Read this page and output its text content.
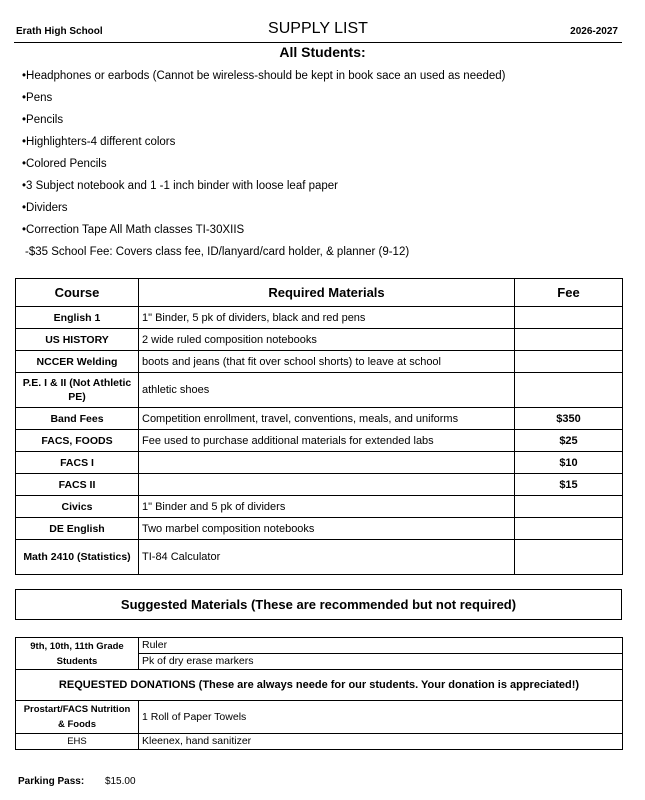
Erath High School	SUPPLY LIST	2026-2027
All Students:
•Headphones or earbods (Cannot be wireless-should be kept in book sace an used as needed)
•Pens
•Pencils
•Highlighters-4 different colors
•Colored Pencils
•3 Subject notebook and 1 -1 inch binder with loose leaf paper
•Dividers
•Correction Tape All Math classes TI-30XIIS
-$35 School Fee: Covers class fee, ID/lanyard/card holder, & planner (9-12)
Course	Required Materials	Fee
English 1	1" Binder, 5 pk of dividers, black and red pens	
US HISTORY	2 wide ruled composition notebooks	
NCCER Welding	boots and jeans (that fit over school shorts) to leave at school	
P.E. I & II (Not Athletic PE)	athletic shoes	
Band Fees	Competition enrollment, travel, conventions, meals, and uniforms	$350
FACS, FOODS	Fee used to purchase additional materials for extended labs	$25
FACS I		$10
FACS II		$15
Civics	1" Binder and 5 pk of dividers	
DE English	Two marbel composition notebooks	
Math 2410 (Statistics)	TI-84 Calculator	
Suggested Materials (These are recommended but not required)
9th, 10th, 11th Grade Students	Ruler
	Pk of dry erase markers
REQUESTED DONATIONS (These are always neede for our students. Your donation is appreciated!)	
Prostart/FACS Nutrition & Foods	1 Roll of Paper Towels
EHS	Kleenex, hand sanitizer
Parking Pass: $15.00
